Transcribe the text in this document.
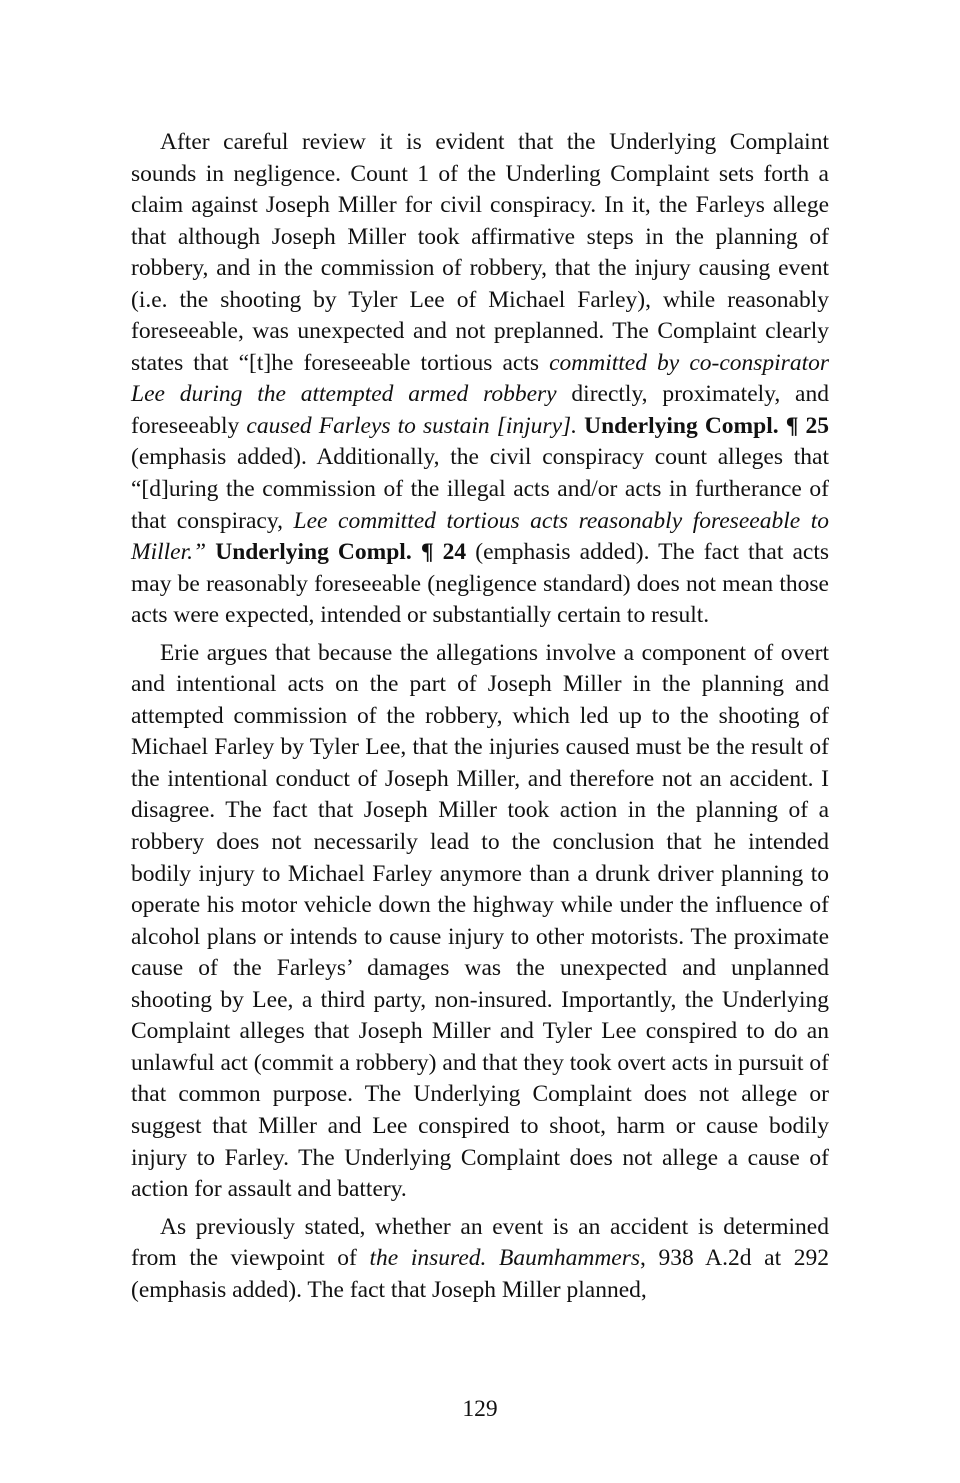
After careful review it is evident that the Underlying Complaint sounds in negligence. Count 1 of the Underling Complaint sets forth a claim against Joseph Miller for civil conspiracy. In it, the Farleys allege that although Joseph Miller took affirmative steps in the planning of robbery, and in the commission of robbery, that the injury causing event (i.e. the shooting by Tyler Lee of Michael Farley), while reasonably foreseeable, was unexpected and not preplanned. The Complaint clearly states that “[t]he foreseeable tortious acts committed by co-conspirator Lee during the attempted armed robbery directly, proximately, and foreseeably caused Farleys to sustain [injury]. Underlying Compl. ¶ 25 (emphasis added). Additionally, the civil conspiracy count alleges that “[d]uring the commission of the illegal acts and/or acts in furtherance of that conspiracy, Lee committed tortious acts reasonably foreseeable to Miller.” Underlying Compl. ¶ 24 (emphasis added). The fact that acts may be reasonably foreseeable (negligence standard) does not mean those acts were expected, intended or substantially certain to result.

Erie argues that because the allegations involve a component of overt and intentional acts on the part of Joseph Miller in the planning and attempted commission of the robbery, which led up to the shooting of Michael Farley by Tyler Lee, that the injuries caused must be the result of the intentional conduct of Joseph Miller, and therefore not an accident. I disagree. The fact that Joseph Miller took action in the planning of a robbery does not necessarily lead to the conclusion that he intended bodily injury to Michael Farley anymore than a drunk driver planning to operate his motor vehicle down the highway while under the influence of alcohol plans or intends to cause injury to other motorists. The proximate cause of the Farleys’ damages was the unexpected and unplanned shooting by Lee, a third party, non-insured. Importantly, the Underlying Complaint alleges that Joseph Miller and Tyler Lee conspired to do an unlawful act (commit a robbery) and that they took overt acts in pursuit of that common purpose. The Underlying Complaint does not allege or suggest that Miller and Lee conspired to shoot, harm or cause bodily injury to Farley. The Underlying Complaint does not allege a cause of action for assault and battery.

As previously stated, whether an event is an accident is determined from the viewpoint of the insured. Baumhammers, 938 A.2d at 292 (emphasis added). The fact that Joseph Miller planned,

129
